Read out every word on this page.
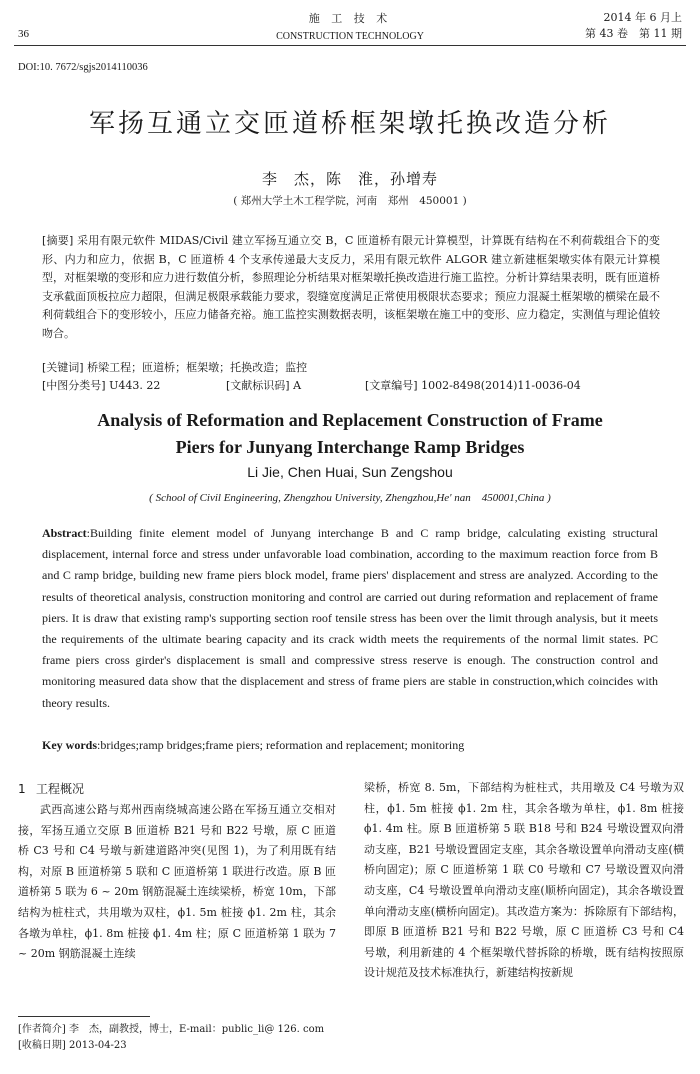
36
施 工 技 术
CONSTRUCTION TECHNOLOGY
2014 年 6 月上
第 43 卷　第 11 期
DOI:10. 7672/sgjs2014110036
军扬互通立交匝道桥框架墩托换改造分析
李　杰，陈　淮，孙增寿
( 郑州大学土木工程学院，河南　郑州　450001 )
[摘要] 采用有限元软件 MIDAS/Civil 建立军扬互通立交 B，C 匝道桥有限元计算模型，计算既有结构在不利荷载组合下的变形、内力和应力，依据 B，C 匝道桥 4 个支承传递最大支反力，采用有限元软件 ALGOR 建立新建框架墩实体有限元计算模型，对框架墩的变形和应力进行数值分析，参照理论分析结果对框架墩托换改造进行施工监控。分析计算结果表明，既有匝道桥支承截面顶板拉应力超限，但满足极限承载能力要求，裂缝宽度满足正常使用极限状态要求；预应力混凝土框架墩的横梁在最不利荷载组合下的变形较小，压应力储备充裕。施工监控实测数据表明，该框架墩在施工中的变形、应力稳定，实测值与理论值较吻合。
[关键词] 桥梁工程；匝道桥；框架墩；托换改造；监控
[中图分类号] U443. 22	[文献标识码] A	[文章编号] 1002-8498(2014)11-0036-04
Analysis of Reformation and Replacement Construction of Frame
Piers for Junyang Interchange Ramp Bridges
Li Jie, Chen Huai, Sun Zengshou
( School of Civil Engineering, Zhengzhou University, Zhengzhou,He' nan　450001,China )
Abstract:Building finite element model of Junyang interchange B and C ramp bridge, calculating existing structural displacement, internal force and stress under unfavorable load combination, according to the maximum reaction force from B and C ramp bridge, building new frame piers block model, frame piers' displacement and stress are analyzed. According to the results of theoretical analysis, construction monitoring and control are carried out during reformation and replacement of frame piers. It is draw that existing ramp's supporting section roof tensile stress has been over the limit through analysis, but it meets the requirements of the ultimate bearing capacity and its crack width meets the requirements of the normal limit states. PC frame piers cross girder's displacement is small and compressive stress reserve is enough. The construction control and monitoring measured data show that the displacement and stress of frame piers are stable in construction,which coincides with theory results.
Key words:bridges;ramp bridges;frame piers; reformation and replacement; monitoring
1 工程概况

武西高速公路与郑州西南绕城高速公路在军扬互通立交相对接，军扬互通立交原 B 匝道桥 B21 号和 B22 号墩，原 C 匝道桥 C3 号和 C4 号墩与新建道路冲突(见图 1)，为了利用既有结构，对原 B 匝道桥第 5 联和 C 匝道桥第 1 联进行改造。原 B 匝道桥第 5 联为 6 ~ 20m 钢筋混凝土连续梁桥，桥宽 10m，下部结构为桩柱式，共用墩为双柱，ϕ1. 5m 桩接 ϕ1. 2m 柱，其余各墩为单柱，ϕ1. 8m 桩接 ϕ1. 4m 柱；原 C 匝道桥第 1 联为 7 ~ 20m 钢筋混凝土连续

梁桥，桥宽 8. 5m，下部结构为桩柱式，共用墩及 C4 号墩为双柱，ϕ1. 5m 桩接 ϕ1. 2m 柱，其余各墩为单柱，ϕ1. 8m 桩接 ϕ1. 4m 柱。原 B 匝道桥第 5 联 B18 号和 B24 号墩设置双向滑动支座，B21 号墩设置固定支座，其余各墩设置单向滑动支座(横桥向固定)；原 C 匝道桥第 1 联 C0 号墩和 C7 号墩设置双向滑动支座，C4 号墩设置单向滑动支座(顺桥向固定)，其余各墩设置单向滑动支座(横桥向固定)。其改造方案为：拆除原有下部结构，即原 B 匝道桥 B21 号和 B22 号墩，原 C 匝道桥 C3 号和 C4 号墩，利用新建的 4 个框架墩代替拆除的桥墩，既有结构按照原设计规范及技术标准执行，新建结构按新规

[作者简介] 李　杰，副教授，博士，E-mail：public_li@ 126. com
[收稿日期] 2013-04-23
